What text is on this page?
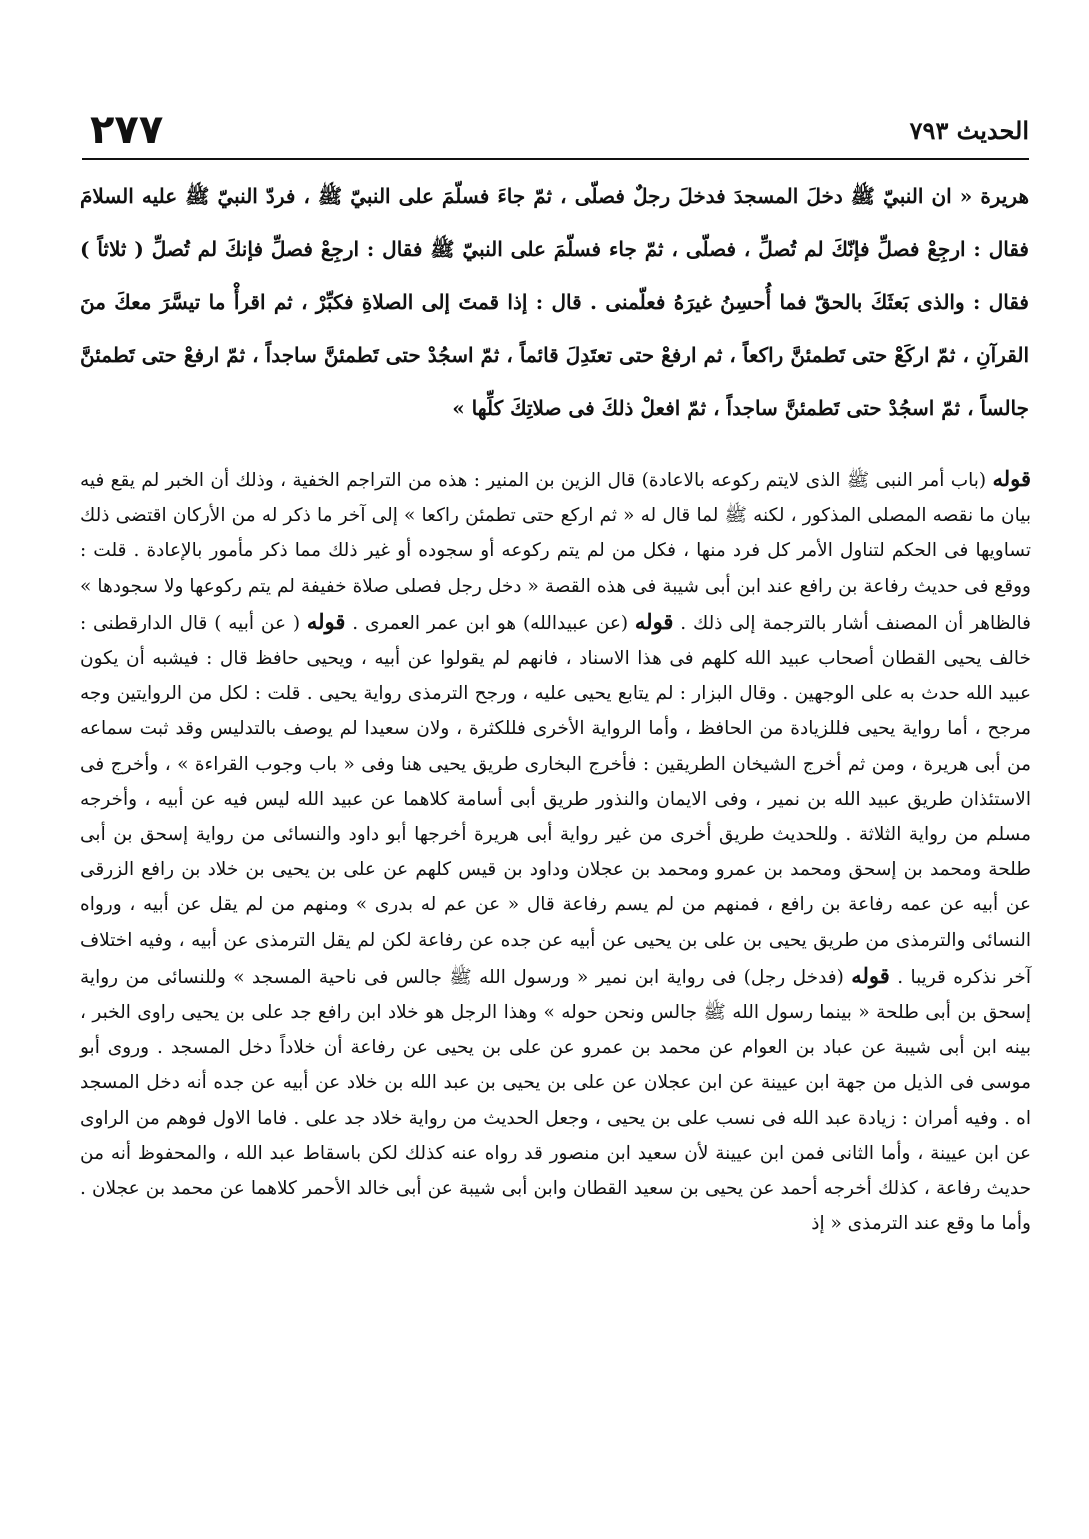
٢٧٧	الحديث ٧٩٣

هريرة « ان النبيّ ﷺ دخلَ المسجدَ فدخلَ رجلٌ فصلّى ، ثمّ جاءَ فسلّمَ على النبيّ ﷺ ، فردّ النبيّ ﷺ عليه السلامَ فقال : ارجِعْ فصلِّ فإنّكَ لم تُصلِّ ، فصلّى ، ثمّ جاء فسلّمَ على النبيّ ﷺ فقال : ارجِعْ فصلِّ فإنكَ لم تُصلِّ ( ثلاثاً ) فقال : والذى بَعثَكَ بالحقّ فما أُحسِنُ غيرَهُ فعلّمنى . قال : إذا قمتَ إلى الصلاةِ فكبِّرْ ، ثم اقرأْ ما تيسَّرَ معكَ منَ القرآنِ ، ثمّ اركَعْ حتى تَطمئنَّ راكعاً ، ثم ارفعْ حتى تعتَدِلَ قائماً ، ثمّ اسجُدْ حتى تَطمئنَّ ساجداً ، ثمّ ارفعْ حتى تَطمئنَّ جالساً ، ثمّ اسجُدْ حتى تَطمئنَّ ساجداً ، ثمّ افعلْ ذلكَ فى صلاتِكَ كلِّها »

قوله (باب أمر النبى ﷺ الذى لايتم ركوعه بالاعادة) قال الزين بن المنير : هذه من التراجم الخفية ، وذلك أن الخبر لم يقع فيه بيان ما نقصه المصلى المذكور ، لكنه ﷺ لما قال له « ثم اركع حتى تطمئن راكعا » إلى آخر ما ذكر له من الأركان اقتضى ذلك تساويها فى الحكم لتناول الأمر كل فرد منها ، فكل من لم يتم ركوعه أو سجوده أو غير ذلك مما ذكر مأمور بالإعادة . قلت : ووقع فى حديث رفاعة بن رافع عند ابن أبى شيبة فى هذه القصة « دخل رجل فصلى صلاة خفيفة لم يتم ركوعها ولا سجودها » فالظاهر أن المصنف أشار بالترجمة إلى ذلك . قوله (عن عبيدالله) هو ابن عمر العمرى . قوله ( عن أبيه ) قال الدارقطنى : خالف يحيى القطان أصحاب عبيد الله كلهم فى هذا الاسناد ، فانهم لم يقولوا عن أبيه ، ويحيى حافظ قال : فيشبه أن يكون عبيد الله حدث به على الوجهين . وقال البزار : لم يتابع يحيى عليه ، ورجح الترمذى رواية يحيى . قلت : لكل من الروايتين وجه مرجح ، أما رواية يحيى فللزيادة من الحافظ ، وأما الرواية الأخرى فللكثرة ، ولان سعيدا لم يوصف بالتدليس وقد ثبت سماعه من أبى هريرة ، ومن ثم أخرج الشيخان الطريقين : فأخرج البخارى طريق يحيى هنا وفى « باب وجوب القراءة » ، وأخرج فى الاستئذان طريق عبيد الله بن نمير ، وفى الايمان والنذور طريق أبى أسامة كلاهما عن عبيد الله ليس فيه عن أبيه ، وأخرجه مسلم من رواية الثلاثة . وللحديث طريق أخرى من غير رواية أبى هريرة أخرجها أبو داود والنسائى من رواية إسحق بن أبى طلحة ومحمد بن إسحق ومحمد بن عمرو ومحمد بن عجلان وداود بن قيس كلهم عن على بن يحيى بن خلاد بن رافع الزرقى عن أبيه عن عمه رفاعة بن رافع ، فمنهم من لم يسم رفاعة قال « عن عم له بدرى » ومنهم من لم يقل عن أبيه ، ورواه النسائى والترمذى من طريق يحيى بن على بن يحيى عن أبيه عن جده عن رفاعة لكن لم يقل الترمذى عن أبيه ، وفيه اختلاف آخر نذكره قريبا . قوله (فدخل رجل) فى رواية ابن نمير « ورسول الله ﷺ جالس فى ناحية المسجد » وللنسائى من رواية إسحق بن أبى طلحة « بينما رسول الله ﷺ جالس ونحن حوله » وهذا الرجل هو خلاد ابن رافع جد على بن يحيى راوى الخبر ، بينه ابن أبى شيبة عن عباد بن العوام عن محمد بن عمرو عن على بن يحيى عن رفاعة أن خلاداً دخل المسجد . وروى أبو موسى فى الذيل من جهة ابن عيينة عن ابن عجلان عن على بن يحيى بن عبد الله بن خلاد عن أبيه عن جده أنه دخل المسجد اه . وفيه أمران : زيادة عبد الله فى نسب على بن يحيى ، وجعل الحديث من رواية خلاد جد على . فاما الاول فوهم من الراوى عن ابن عيينة ، وأما الثانى فمن ابن عيينة لأن سعيد ابن منصور قد رواه عنه كذلك لكن باسقاط عبد الله ، والمحفوظ أنه من حديث رفاعة ، كذلك أخرجه أحمد عن يحيى بن سعيد القطان وابن أبى شيبة عن أبى خالد الأحمر كلاهما عن محمد بن عجلان . وأما ما وقع عند الترمذى « إذ
